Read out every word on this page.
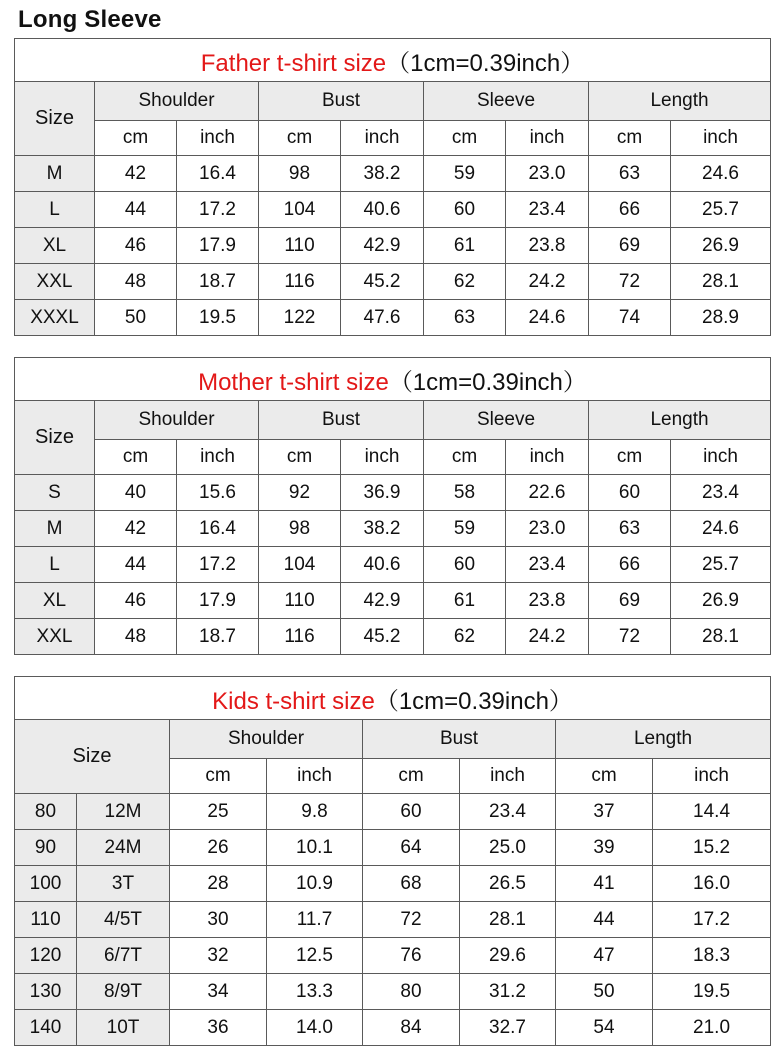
Long Sleeve
Father t-shirt size（1cm=0.39inch）								
Size	Shoulder		Bust		Sleeve		Length	
	cm	inch	cm	inch	cm	inch	cm	inch
M	42	16.4	98	38.2	59	23.0	63	24.6
L	44	17.2	104	40.6	60	23.4	66	25.7
XL	46	17.9	110	42.9	61	23.8	69	26.9
XXL	48	18.7	116	45.2	62	24.2	72	28.1
XXXL	50	19.5	122	47.6	63	24.6	74	28.9
Mother t-shirt size（1cm=0.39inch）								
Size	Shoulder		Bust		Sleeve		Length	
	cm	inch	cm	inch	cm	inch	cm	inch
S	40	15.6	92	36.9	58	22.6	60	23.4
M	42	16.4	98	38.2	59	23.0	63	24.6
L	44	17.2	104	40.6	60	23.4	66	25.7
XL	46	17.9	110	42.9	61	23.8	69	26.9
XXL	48	18.7	116	45.2	62	24.2	72	28.1
Kids t-shirt size（1cm=0.39inch）							
Size		Shoulder		Bust		Length	
		cm	inch	cm	inch	cm	inch
80	12M	25	9.8	60	23.4	37	14.4
90	24M	26	10.1	64	25.0	39	15.2
100	3T	28	10.9	68	26.5	41	16.0
110	4/5T	30	11.7	72	28.1	44	17.2
120	6/7T	32	12.5	76	29.6	47	18.3
130	8/9T	34	13.3	80	31.2	50	19.5
140	10T	36	14.0	84	32.7	54	21.0
